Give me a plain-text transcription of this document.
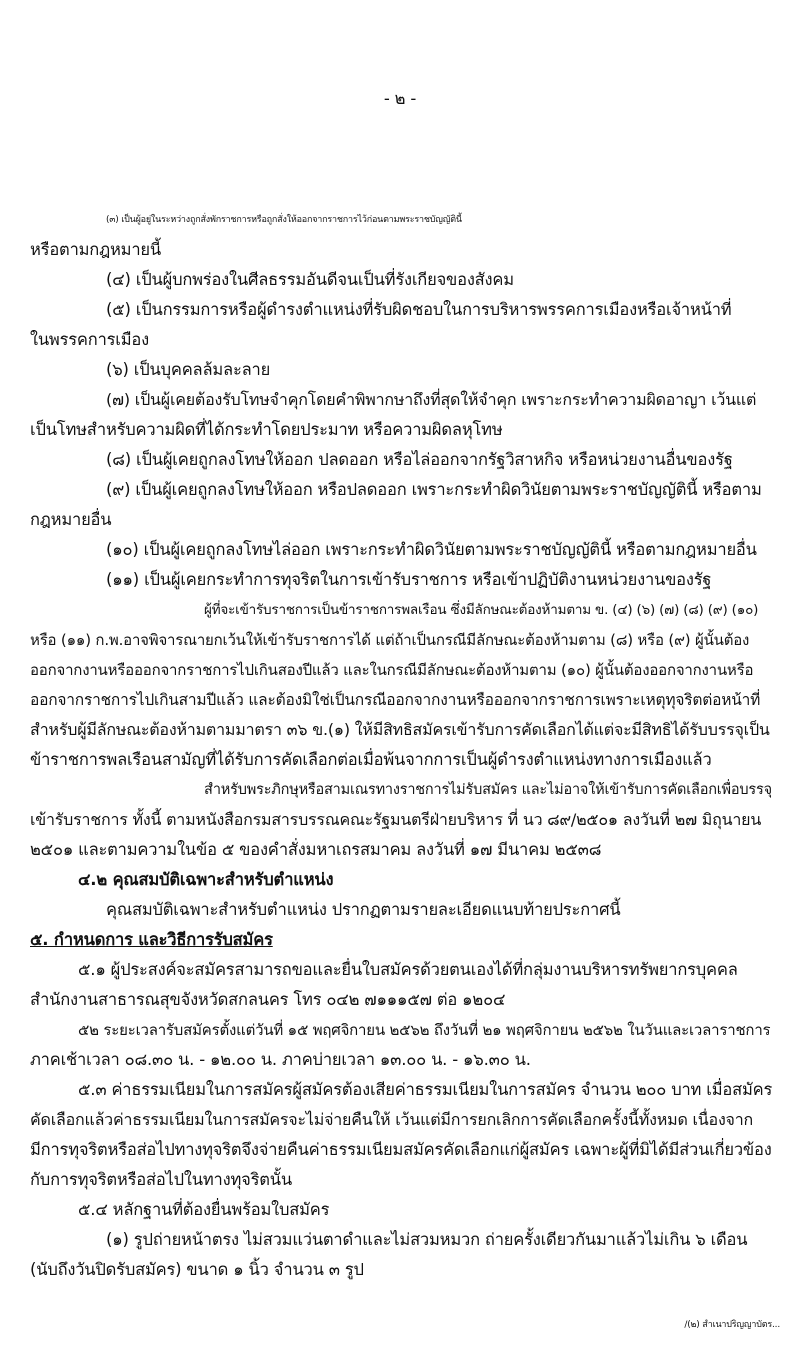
- ๒ -
(๓) เป็นผู้อยู่ในระหว่างถูกสั่งพักราชการหรือถูกสั่งให้ออกจากราชการไว้ก่อนตามพระราชบัญญัตินี้
หรือตามกฎหมายนี้
(๔) เป็นผู้บกพร่องในศีลธรรมอันดีจนเป็นที่รังเกียจของสังคม
(๕) เป็นกรรมการหรือผู้ดำรงตำแหน่งที่รับผิดชอบในการบริหารพรรคการเมืองหรือเจ้าหน้าที่
ในพรรคการเมือง
(๖) เป็นบุคคลล้มละลาย
(๗) เป็นผู้เคยต้องรับโทษจำคุกโดยคำพิพากษาถึงที่สุดให้จำคุก เพราะกระทำความผิดอาญา เว้นแต่
เป็นโทษสำหรับความผิดที่ได้กระทำโดยประมาท หรือความผิดลหุโทษ
(๘) เป็นผู้เคยถูกลงโทษให้ออก ปลดออก หรือไล่ออกจากรัฐวิสาหกิจ หรือหน่วยงานอื่นของรัฐ
(๙) เป็นผู้เคยถูกลงโทษให้ออก หรือปลดออก เพราะกระทำผิดวินัยตามพระราชบัญญัตินี้ หรือตาม
กฎหมายอื่น
(๑๐) เป็นผู้เคยถูกลงโทษไล่ออก เพราะกระทำผิดวินัยตามพระราชบัญญัตินี้ หรือตามกฎหมายอื่น
(๑๑) เป็นผู้เคยกระทำการทุจริตในการเข้ารับราชการ หรือเข้าปฏิบัติงานหน่วยงานของรัฐ
ผู้ที่จะเข้ารับราชการเป็นข้าราชการพลเรือน ซึ่งมีลักษณะต้องห้ามตาม ข. (๔) (๖) (๗) (๘) (๙) (๑๐)
หรือ (๑๑) ก.พ.อาจพิจารณายกเว้นให้เข้ารับราชการได้ แต่ถ้าเป็นกรณีมีลักษณะต้องห้ามตาม (๘) หรือ (๙) ผู้นั้นต้อง
ออกจากงานหรือออกจากราชการไปเกินสองปีแล้ว และในกรณีมีลักษณะต้องห้ามตาม (๑๐) ผู้นั้นต้องออกจากงานหรือ
ออกจากราชการไปเกินสามปีแล้ว และต้องมิใช่เป็นกรณีออกจากงานหรือออกจากราชการเพราะเหตุทุจริตต่อหน้าที่
สำหรับผู้มีลักษณะต้องห้ามตามมาตรา ๓๖ ข.(๑) ให้มีสิทธิสมัครเข้ารับการคัดเลือกได้แต่จะมีสิทธิได้รับบรรจุเป็น
ข้าราชการพลเรือนสามัญที่ได้รับการคัดเลือกต่อเมื่อพ้นจากการเป็นผู้ดำรงตำแหน่งทางการเมืองแล้ว
สำหรับพระภิกษุหรือสามเณรทางราชการไม่รับสมัคร และไม่อาจให้เข้ารับการคัดเลือกเพื่อบรรจุ
เข้ารับราชการ ทั้งนี้ ตามหนังสือกรมสารบรรณคณะรัฐมนตรีฝ่ายบริหาร ที่ นว ๘๙/๒๕๐๑ ลงวันที่ ๒๗ มิถุนายน
๒๕๐๑ และตามความในข้อ ๕ ของคำสั่งมหาเถรสมาคม ลงวันที่ ๑๗ มีนาคม ๒๕๓๘
๔.๒ คุณสมบัติเฉพาะสำหรับตำแหน่ง
คุณสมบัติเฉพาะสำหรับตำแหน่ง ปรากฏตามรายละเอียดแนบท้ายประกาศนี้
๕. กำหนดการ และวิธีการรับสมัคร
๕.๑ ผู้ประสงค์จะสมัครสามารถขอและยื่นใบสมัครด้วยตนเองได้ที่กลุ่มงานบริหารทรัพยากรบุคคล
สำนักงานสาธารณสุขจังหวัดสกลนคร โทร ๐๔๒ ๗๑๑๑๕๗ ต่อ ๑๒๐๔
๕๒ ระยะเวลารับสมัครตั้งแต่วันที่ ๑๕ พฤศจิกายน ๒๕๖๒ ถึงวันที่ ๒๑ พฤศจิกายน ๒๕๖๒ ในวันและเวลาราชการ
ภาคเช้าเวลา ๐๘.๓๐ น. - ๑๒.๐๐ น. ภาคบ่ายเวลา ๑๓.๐๐ น. - ๑๖.๓๐ น.
๕.๓ ค่าธรรมเนียมในการสมัครผู้สมัครต้องเสียค่าธรรมเนียมในการสมัคร จำนวน ๒๐๐ บาท เมื่อสมัคร
คัดเลือกแล้วค่าธรรมเนียมในการสมัครจะไม่จ่ายคืนให้ เว้นแต่มีการยกเลิกการคัดเลือกครั้งนี้ทั้งหมด เนื่องจาก
มีการทุจริตหรือส่อไปทางทุจริตจึงจ่ายคืนค่าธรรมเนียมสมัครคัดเลือกแก่ผู้สมัคร เฉพาะผู้ที่มิได้มีส่วนเกี่ยวข้อง
กับการทุจริตหรือส่อไปในทางทุจริตนั้น
๕.๔ หลักฐานที่ต้องยื่นพร้อมใบสมัคร
(๑) รูปถ่ายหน้าตรง ไม่สวมแว่นตาดำและไม่สวมหมวก ถ่ายครั้งเดียวกันมาแล้วไม่เกิน ๖ เดือน
(นับถึงวันปิดรับสมัคร) ขนาด ๑ นิ้ว จำนวน ๓ รูป
/(๒) สำเนาปริญญาบัตร...
